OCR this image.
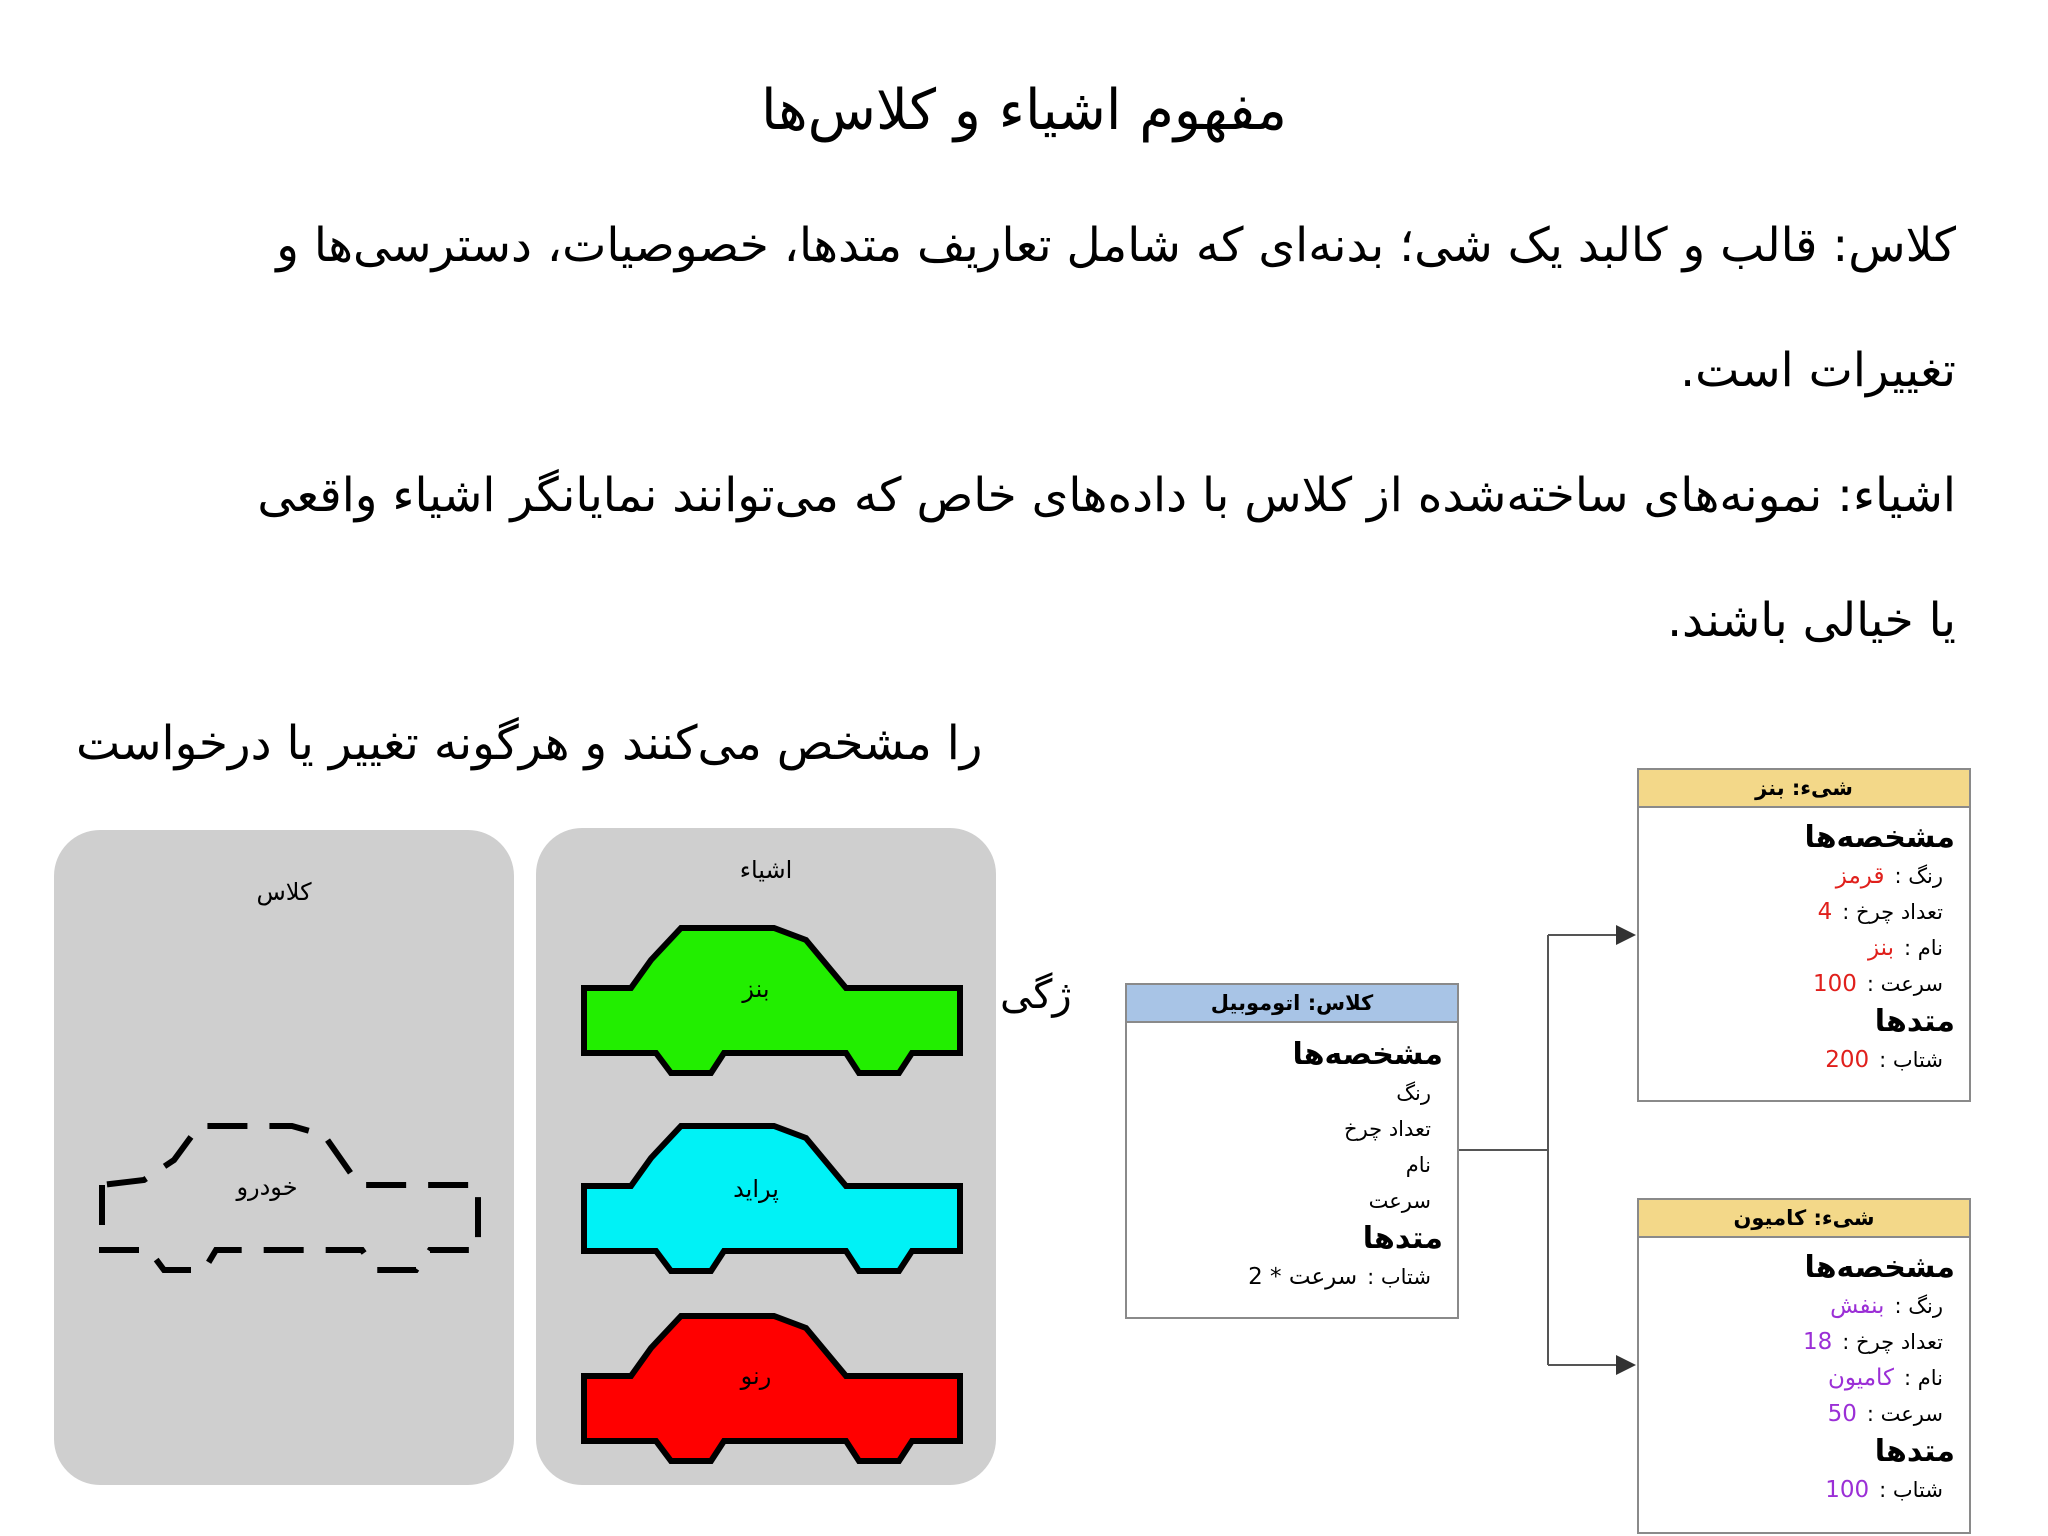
مفهوم اشیاء و کلاس‌ها
کلاس: قالب و کالبد یک شی؛ بدنه‌ای که شامل تعاریف متدها، خصوصیات، دسترسی‌ها و
تغییرات است.
اشیاء: نمونه‌های ساخته‌شده از کلاس با داده‌های خاص که می‌توانند نمایانگر اشیاء واقعی
یا خیالی باشند.
را مشخص می‌کنند و هرگونه تغییر یا درخواست
ژگی
کلاس
خودرو
اشیاء
بنز
پراید
رنو
کلاس: اتوموبیل
مشخصه‌ها
رنگ
تعداد چرخ
نام
سرعت
متدها
شتاب :سرعت * 2
شیء: بنز
مشخصه‌ها
رنگ :قرمز
تعداد چرخ :4
نام :بنز
سرعت :100
متدها
شتاب :200
شیء: کامیون
مشخصه‌ها
رنگ :بنفش
تعداد چرخ :18
نام :کامیون
سرعت :50
متدها
شتاب :100
